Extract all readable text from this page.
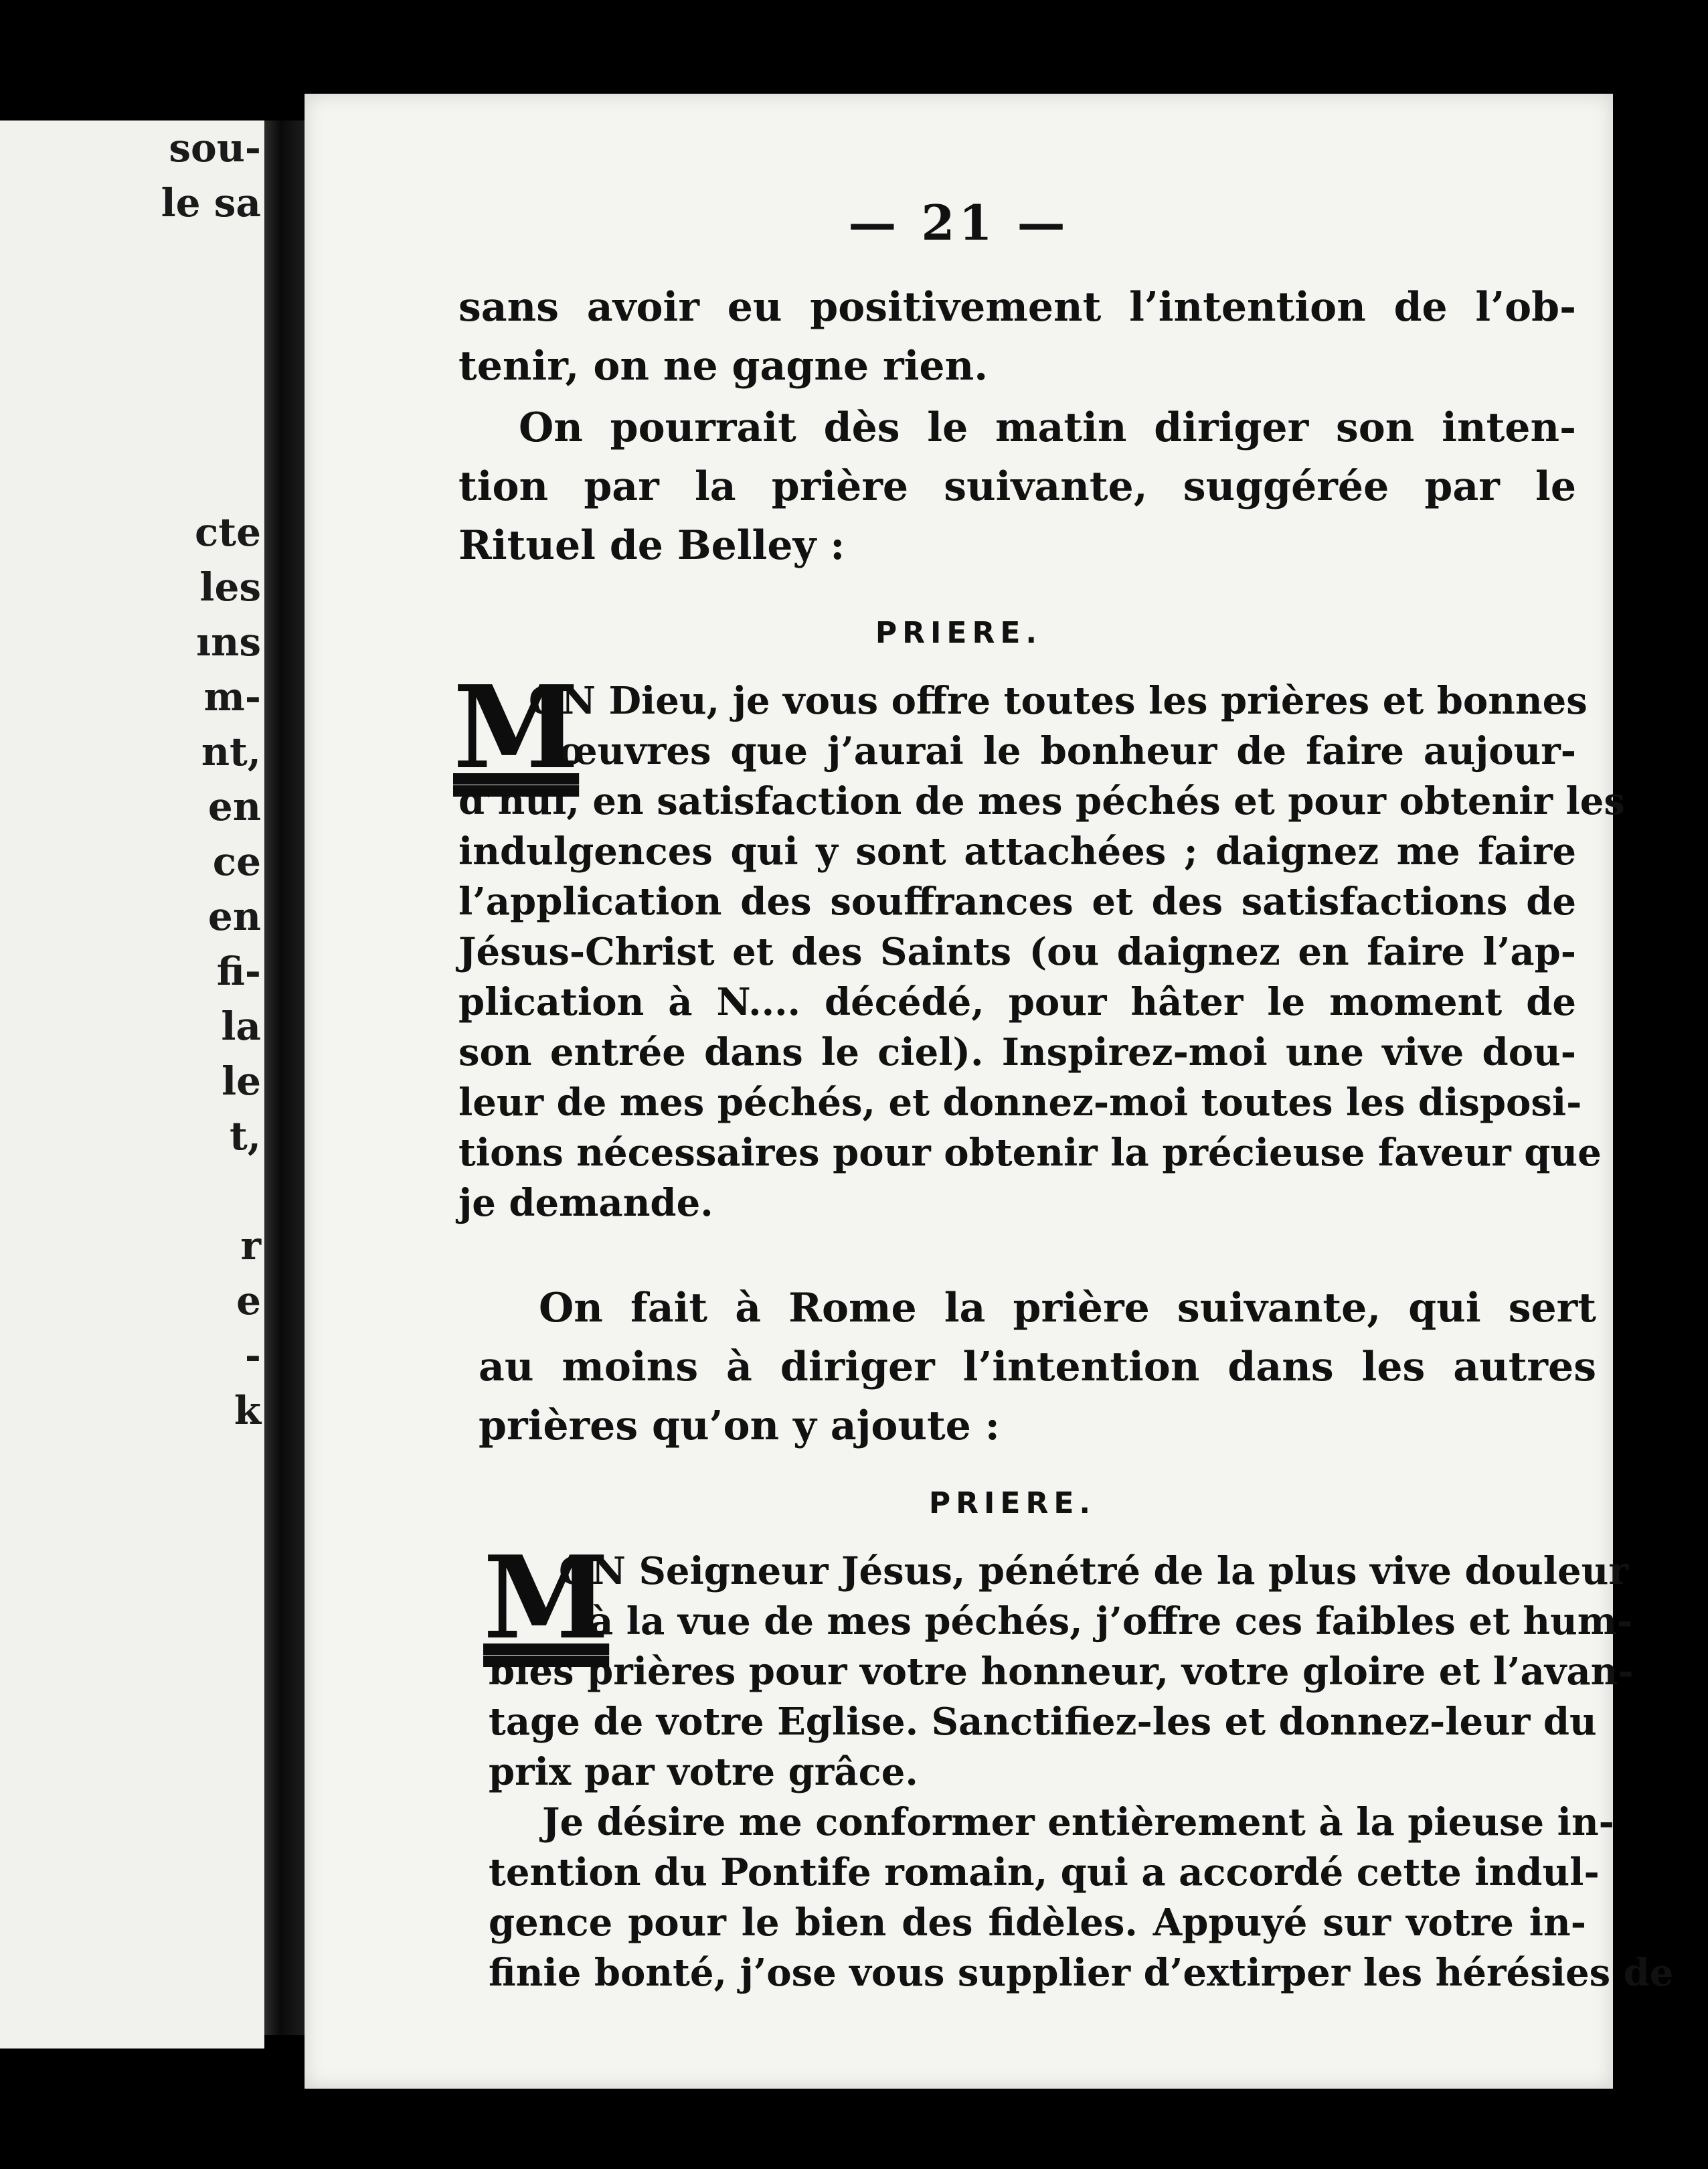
sou-
le sa
cte
les
ıns
m-
nt,
en
ce
en
fi-
la
le
t,
r
e
-
k
— 21 —
sans avoir eu positivement l’intention de l’ob-
tenir, on ne gagne rien.
On pourrait dès le matin diriger son inten-
tion par la prière suivante, suggérée par le
Rituel de Belley :
PRIERE.
M
ON Dieu, je vous offre toutes les prières et bonnes
œuvres que j’aurai le bonheur de faire aujour-
d’hui, en satisfaction de mes péchés et pour obtenir les
indulgences qui y sont attachées ; daignez me faire
l’application des souffrances et des satisfactions de
Jésus-Christ et des Saints (ou daignez en faire l’ap-
plication à N.... décédé, pour hâter le moment de
son entrée dans le ciel). Inspirez-moi une vive dou-
leur de mes péchés, et donnez-moi toutes les disposi-
tions nécessaires pour obtenir la précieuse faveur que
je demande.
On fait à Rome la prière suivante, qui sert
au moins à diriger l’intention dans les autres
prières qu’on y ajoute :
PRIERE.
M
ON Seigneur Jésus, pénétré de la plus vive douleur
à la vue de mes péchés, j’offre ces faibles et hum-
bles prières pour votre honneur, votre gloire et l’avan-
tage de votre Eglise. Sanctifiez-les et donnez-leur du
prix par votre grâce.
Je désire me conformer entièrement à la pieuse in-
tention du Pontife romain, qui a accordé cette indul-
gence pour le bien des fidèles. Appuyé sur votre in-
finie bonté, j’ose vous supplier d’extirper les hérésies de
